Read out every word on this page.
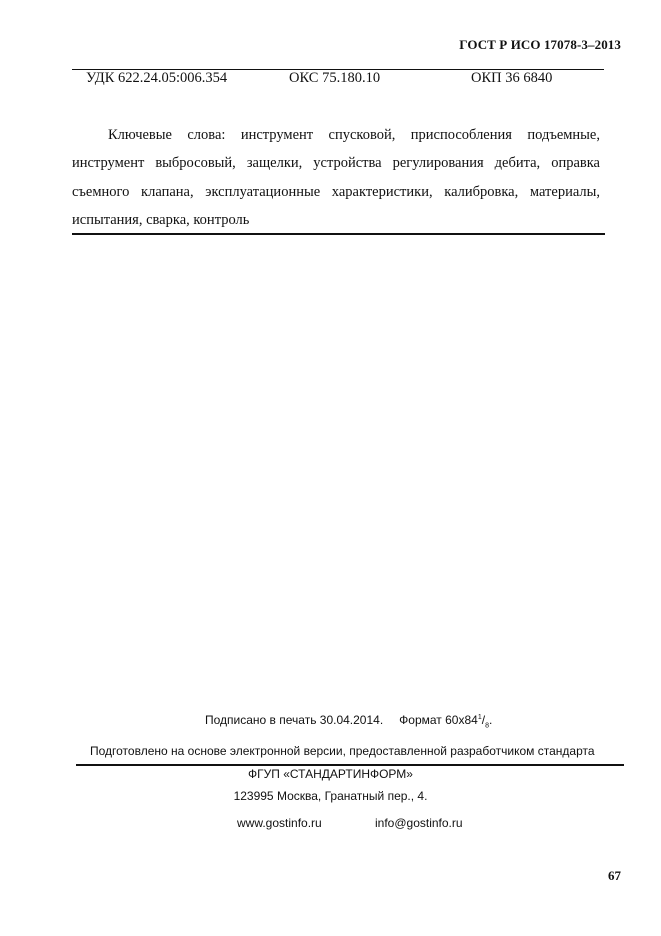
ГОСТ Р ИСО 17078-3–2013
УДК 622.24.05:006.354	ОКС 75.180.10	ОКП 36 6840

Ключевые слова: инструмент спусковой, приспособления подъемные, инструмент выбросовый, защелки, устройства регулирования дебита, оправка съемного клапана, эксплуатационные характеристики, калибровка, материалы, испытания, сварка, контроль

Подписано в печать 30.04.2014. Формат $60x84^1/_8$.
Подготовлено на основе электронной версии, предоставленной разработчиком стандарта
ФГУП «СТАНДАРТИНФОРМ»
123995 Москва, Гранатный пер., 4.
www.gostinfo.ru	info@gostinfo.ru
67
